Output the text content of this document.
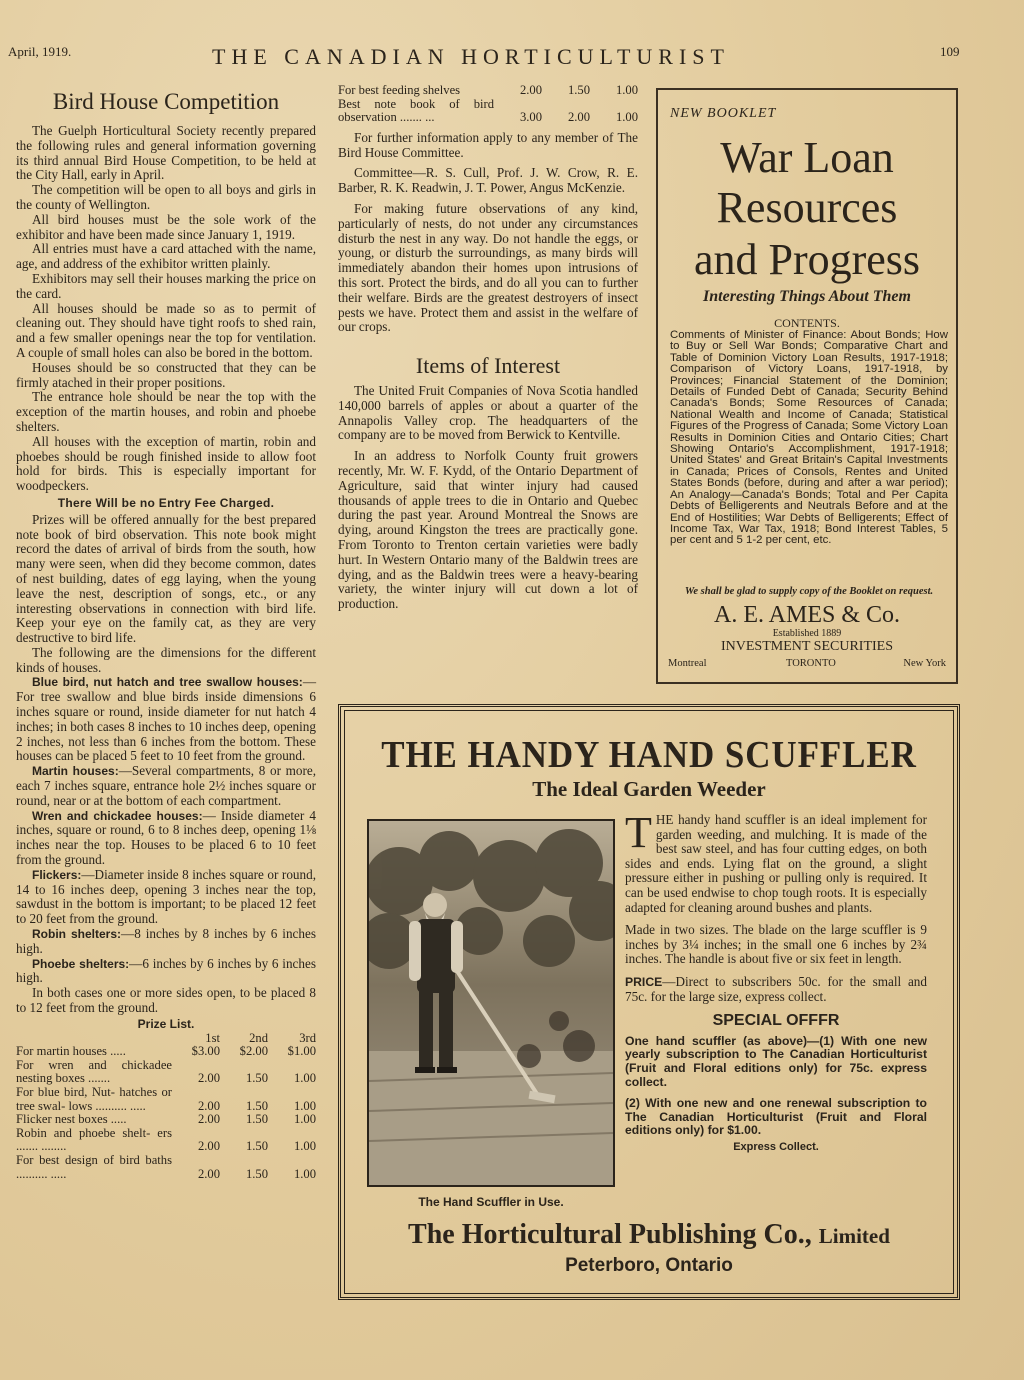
April, 1919.	THE CANADIAN HORTICULTURIST	109
Bird House Competition

The Guelph Horticultural Society recently prepared the following rules and general information governing its third annual Bird House Competition, to be held at the City Hall, early in April.

The competition will be open to all boys and girls in the county of Wellington.

All bird houses must be the sole work of the exhibitor and have been made since January 1, 1919.

All entries must have a card attached with the name, age, and address of the exhibitor written plainly.

Exhibitors may sell their houses marking the price on the card.

All houses should be made so as to permit of cleaning out. They should have tight roofs to shed rain, and a few smaller openings near the top for ventilation. A couple of small holes can also be bored in the bottom.

Houses should be so constructed that they can be firmly atached in their proper positions.

The entrance hole should be near the top with the exception of the martin houses, and robin and phoebe shelters.

All houses with the exception of martin, robin and phoebes should be rough finished inside to allow foot hold for birds. This is especially important for woodpeckers.

There Will be no Entry Fee Charged.

Prizes will be offered annually for the best prepared note book of bird observation. This note book might record the dates of arrival of birds from the south, how many were seen, when did they become common, dates of nest building, dates of egg laying, when the young leave the nest, description of songs, etc., or any interesting observations in connection with bird life. Keep your eye on the family cat, as they are very destructive to bird life.

The following are the dimensions for the different kinds of houses.

Blue bird, nut hatch and tree swallow houses:—For tree swallow and blue birds inside dimensions 6 inches square or round, inside diameter for nut hatch 4 inches; in both cases 8 inches to 10 inches deep, opening 2 inches, not less than 6 inches from the bottom. These houses can be placed 5 feet to 10 feet from the ground.

Martin houses:—Several compartments, 8 or more, each 7 inches square, entrance hole 2½ inches square or round, near or at the bottom of each compartment.

Wren and chickadee houses:— Inside diameter 4 inches, square or round, 6 to 8 inches deep, opening 1⅛ inches near the top. Houses to be placed 6 to 10 feet from the ground.

Flickers:—Diameter inside 8 inches square or round, 14 to 16 inches deep, opening 3 inches near the top, sawdust in the bottom is important; to be placed 12 feet to 20 feet from the ground.

Robin shelters:—8 inches by 8 inches by 6 inches high.

Phoebe shelters:—6 inches by 6 inches by 6 inches high.

In both cases one or more sides open, to be placed 8 to 12 feet from the ground.

Prize List.
	1st	2nd	3rd
For martin houses .....	$3.00	$2.00	$1.00
For wren and chickadee nesting boxes .......	2.00	1.50	1.00
For blue bird, Nut- hatches or tree swal- lows .......... .....	2.00	1.50	1.00
Flicker nest boxes .....	2.00	1.50	1.00
Robin and phoebe shelt- ers ....... ........	2.00	1.50	1.00
For best design of bird baths .......... .....	2.00	1.50	1.00
For best feeding shelves	2.00	1.50	1.00
Best note book of bird observation ....... ...	3.00	2.00	1.00

For further information apply to any member of The Bird House Committee.

Committee—R. S. Cull, Prof. J. W. Crow, R. E. Barber, R. K. Readwin, J. T. Power, Angus McKenzie.

For making future observations of any kind, particularly of nests, do not under any circumstances disturb the nest in any way. Do not handle the eggs, or young, or disturb the surroundings, as many birds will immediately abandon their homes upon intrusions of this sort. Protect the birds, and do all you can to further their welfare. Birds are the greatest destroyers of insect pests we have. Protect them and assist in the welfare of our crops.

Items of Interest

The United Fruit Companies of Nova Scotia handled 140,000 barrels of apples or about a quarter of the Annapolis Valley crop. The headquarters of the company are to be moved from Berwick to Kentville.

In an address to Norfolk County fruit growers recently, Mr. W. F. Kydd, of the Ontario Department of Agriculture, said that winter injury had caused thousands of apple trees to die in Ontario and Quebec during the past year. Around Montreal the Snows are dying, around Kingston the trees are practically gone. From Toronto to Trenton certain varieties were badly hurt. In Western Ontario many of the Baldwin trees are dying, and as the Baldwin trees were a heavy-bearing variety, the winter injury will cut down a lot of production.

NEW BOOKLET
War Loan
Resources
and Progress
Interesting Things About Them
CONTENTS.
Comments of Minister of Finance: About Bonds; How to Buy or Sell War Bonds; Comparative Chart and Table of Dominion Victory Loan Results, 1917-1918; Comparison of Victory Loans, 1917-1918, by Provinces; Financial Statement of the Dominion; Details of Funded Debt of Canada; Security Behind Canada's Bonds; Some Resources of Canada; National Wealth and Income of Canada; Statistical Figures of the Progress of Canada; Some Victory Loan Results in Dominion Cities and Ontario Cities; Chart Showing Ontario's Accomplishment, 1917-1918; United States' and Great Britain's Capital Investments in Canada; Prices of Consols, Rentes and United States Bonds (before, during and after a war period); An Analogy—Canada's Bonds; Total and Per Capita Debts of Belligerents and Neutrals Before and at the End of Hostilities; War Debts of Belligerents; Effect of Income Tax, War Tax, 1918; Bond Interest Tables, 5 per cent and 5 1-2 per cent, etc.
We shall be glad to supply copy of the Booklet on request.
A. E. AMES & Co.
Established 1889
INVESTMENT SECURITIES
Montreal	TORONTO	New York
THE HANDY HAND SCUFFLER
The Ideal Garden Weeder
The Hand Scuffler in Use.

THE handy hand scuffler is an ideal implement for garden weeding, and mulching. It is made of the best saw steel, and has four cutting edges, on both sides and ends. Lying flat on the ground, a slight pressure either in pushing or pulling only is required. It can be used endwise to chop tough roots. It is especially adapted for cleaning around bushes and plants.

Made in two sizes. The blade on the large scuffler is 9 inches by 3¼ inches; in the small one 6 inches by 2¾ inches. The handle is about five or six feet in length.

PRICE—Direct to subscribers 50c. for the small and 75c. for the large size, express collect.

SPECIAL OFFFR

One hand scuffler (as above)—(1) With one new yearly subscription to The Canadian Horticulturist (Fruit and Floral editions only) for 75c. express collect.

(2) With one new and one renewal subscription to The Canadian Horticulturist (Fruit and Floral editions only) for $1.00.

Express Collect.
The Horticultural Publishing Co., Limited
Peterboro, Ontario
